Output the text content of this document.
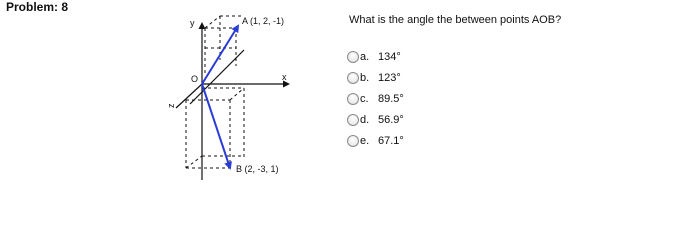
Problem: 8
y
x
z
O
A (1, 2, -1)
B (2, -3, 1)
What is the angle the between points AOB?
a. 134°
b. 123°
c. 89.5°
d. 56.9°
e. 67.1°
